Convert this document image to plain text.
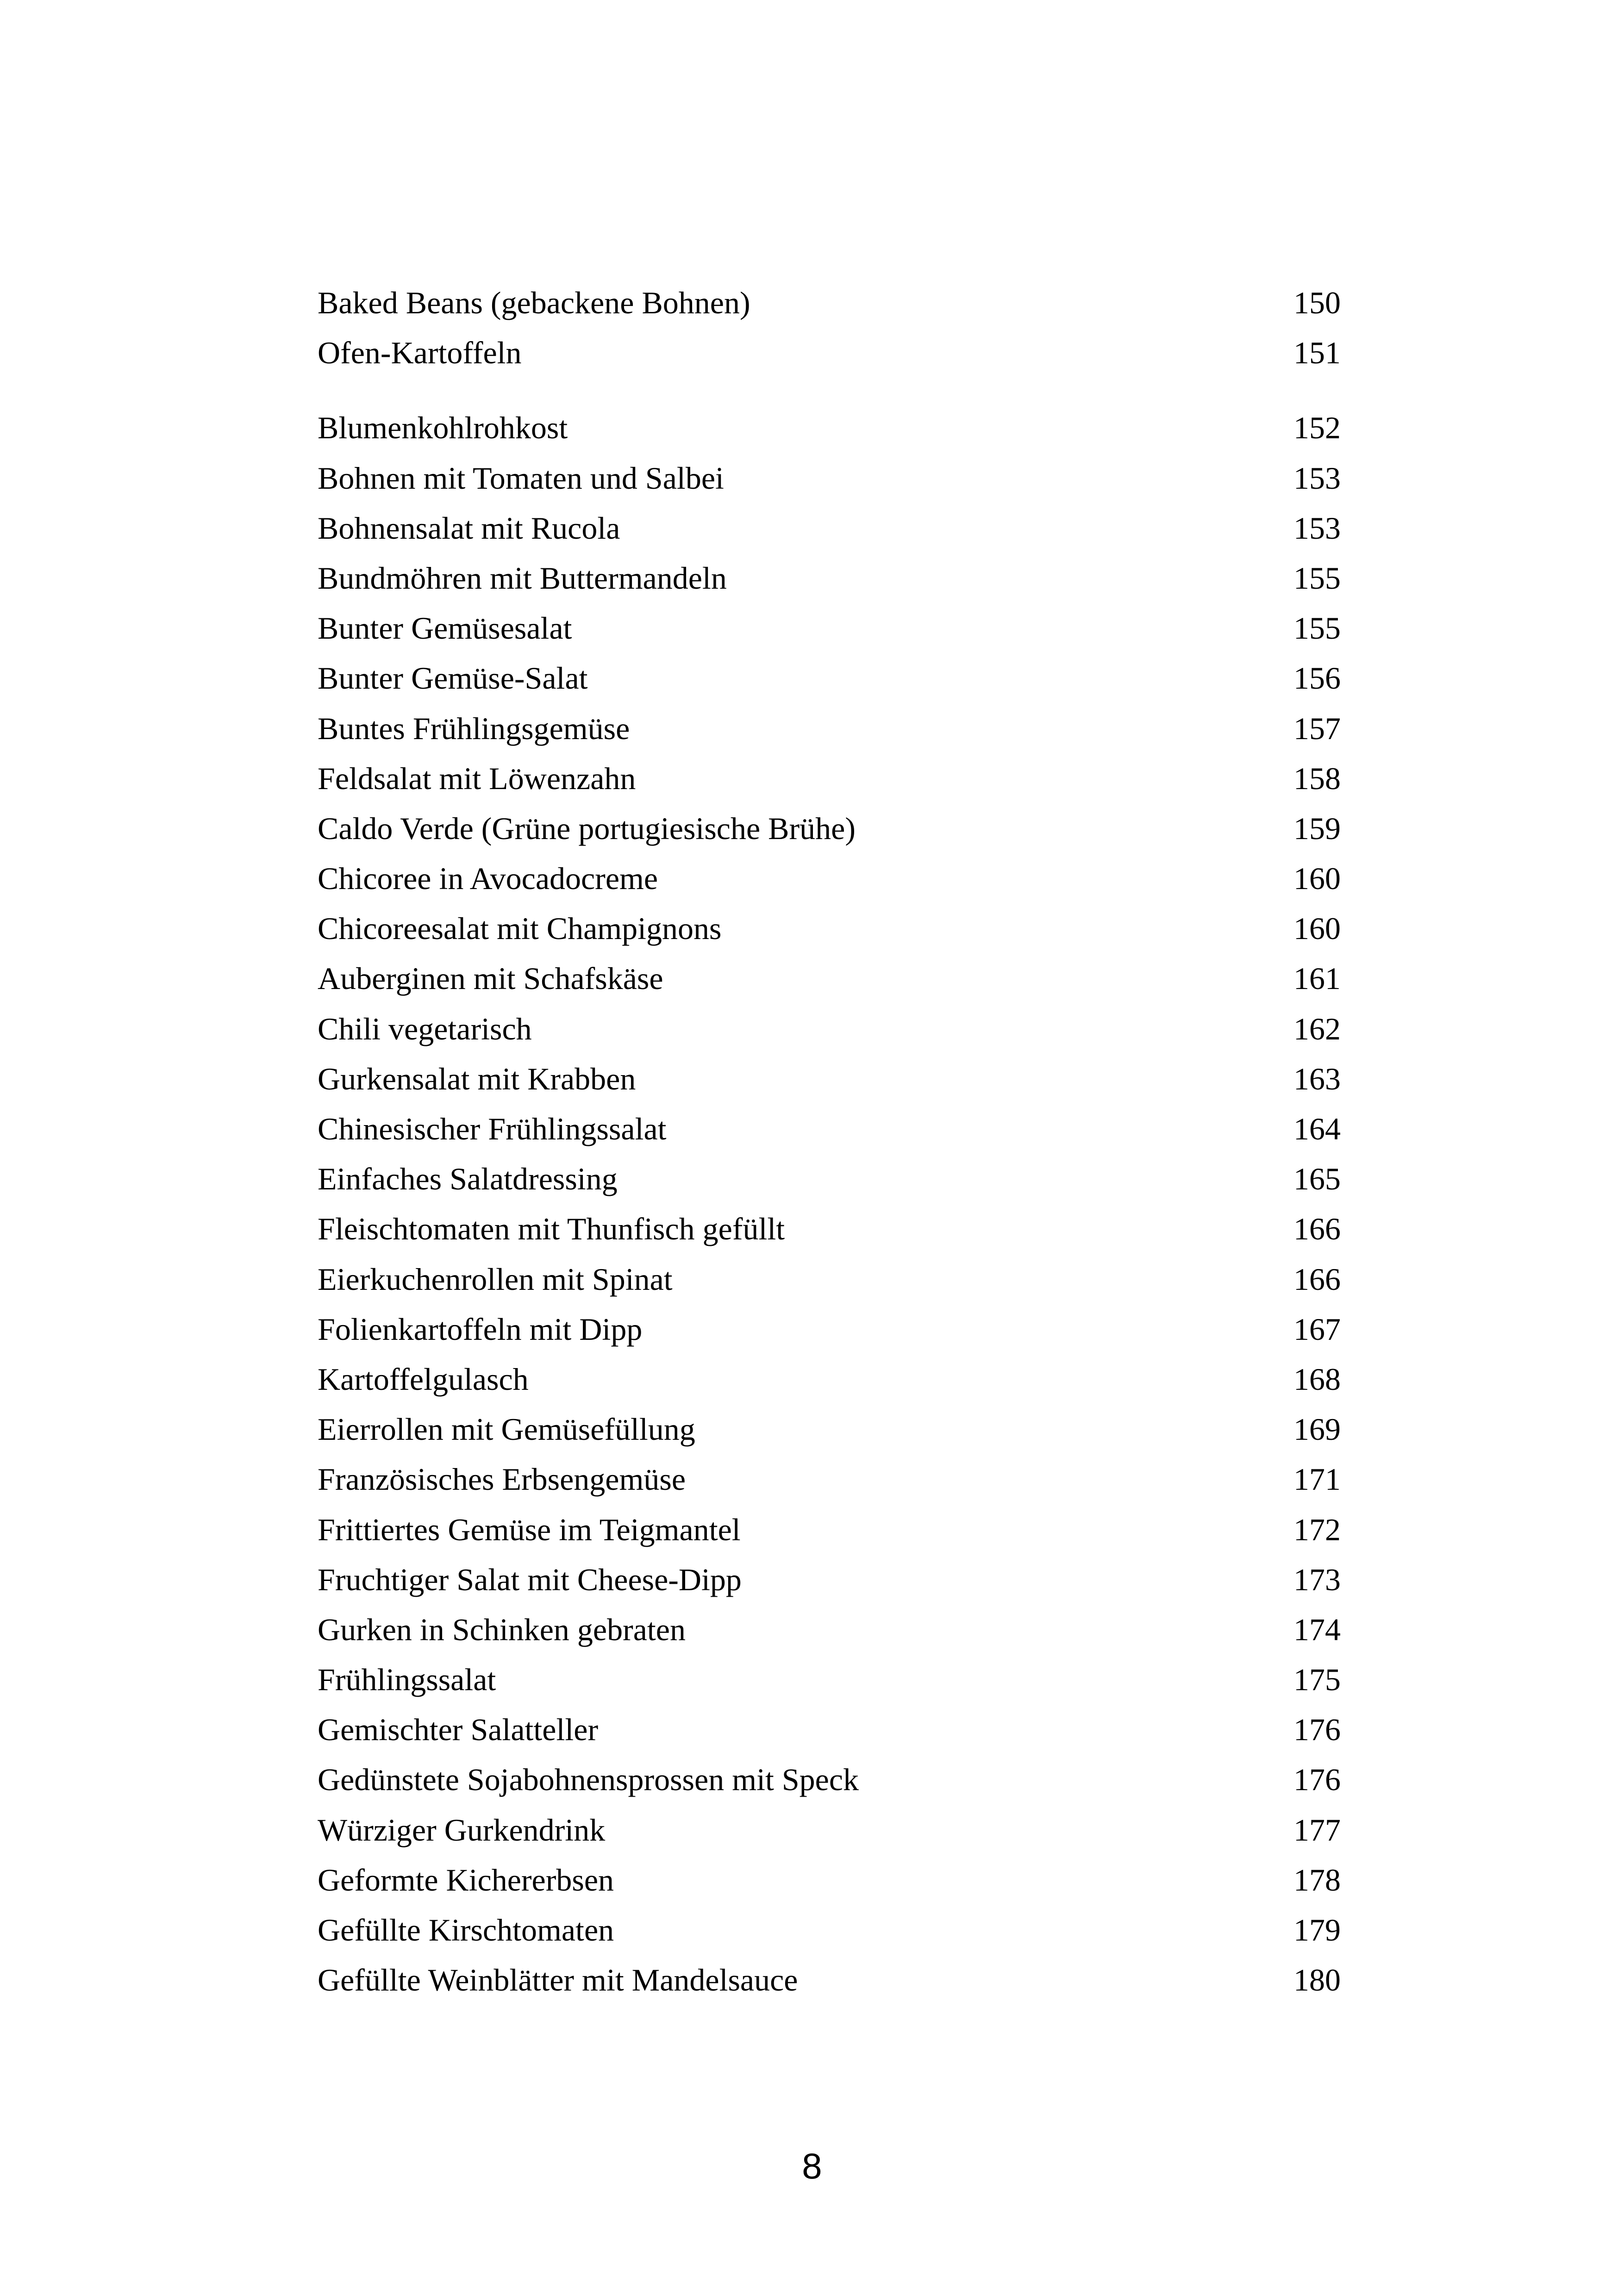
Baked Beans (gebackene Bohnen)	150
Ofen-Kartoffeln	151
Blumenkohlrohkost	152
Bohnen mit Tomaten und Salbei	153
Bohnensalat mit Rucola	153
Bundmöhren mit Buttermandeln	155
Bunter Gemüsesalat	155
Bunter Gemüse-Salat	156
Buntes Frühlingsgemüse	157
Feldsalat mit Löwenzahn	158
Caldo Verde (Grüne portugiesische Brühe)	159
Chicoree in Avocadocreme	160
Chicoreesalat mit Champignons	160
Auberginen mit Schafskäse	161
Chili vegetarisch	162
Gurkensalat mit Krabben	163
Chinesischer Frühlingssalat	164
Einfaches Salatdressing	165
Fleischtomaten mit Thunfisch gefüllt	166
Eierkuchenrollen mit Spinat	166
Folienkartoffeln mit Dipp	167
Kartoffelgulasch	168
Eierrollen mit Gemüsefüllung	169
Französisches Erbsengemüse	171
Frittiertes Gemüse im Teigmantel	172
Fruchtiger Salat mit Cheese-Dipp	173
Gurken in Schinken gebraten	174
Frühlingssalat	175
Gemischter Salatteller	176
Gedünstete Sojabohnensprossen mit Speck	176
Würziger Gurkendrink	177
Geformte Kichererbsen	178
Gefüllte Kirschtomaten	179
Gefüllte Weinblätter mit Mandelsauce	180
8
